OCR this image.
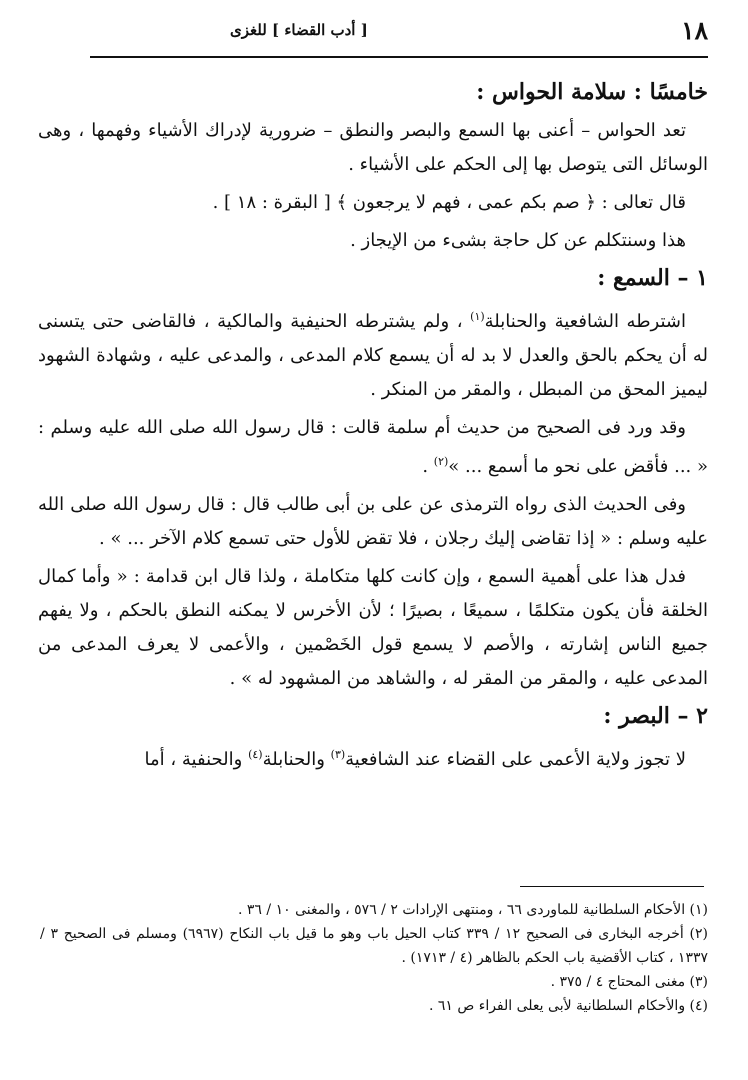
١٨
[ أدب القضاء ] للغزى
خامسًا : سلامة الحواس :

تعد الحواس – أعنى بها السمع والبصر والنطق – ضرورية لإدراك الأشياء وفهمها ، وهى الوسائل التى يتوصل بها إلى الحكم على الأشياء .

قال تعالى : ﴿ صم بكم عمى ، فهم لا يرجعون ﴾ [ البقرة : ١٨ ] .

هذا وسنتكلم عن كل حاجة بشىء من الإيجاز .

١ – السمع :

اشترطه الشافعية والحنابلة$^{(١)}$ ، ولم يشترطه الحنيفية والمالكية ، فالقاضى حتى يتسنى له أن يحكم بالحق والعدل لا بد له أن يسمع كلام المدعى ، والمدعى عليه ، وشهادة الشهود ليميز المحق من المبطل ، والمقر من المنكر .

وقد ورد فى الصحيح من حديث أم سلمة قالت : قال رسول الله صلى الله عليه وسلم : « ... فأقض على نحو ما أسمع ... »$^{(٢)}$ .

وفى الحديث الذى رواه الترمذى عن على بن أبى طالب قال : قال رسول الله صلى الله عليه وسلم : « إذا تقاضى إليك رجلان ، فلا تقض للأول حتى تسمع كلام الآخر ... » .

فدل هذا على أهمية السمع ، وإن كانت كلها متكاملة ، ولذا قال ابن قدامة : « وأما كمال الخلقة فأن يكون متكلمًا ، سميعًا ، بصيرًا ؛ لأن الأخرس لا يمكنه النطق بالحكم ، ولا يفهم جميع الناس إشارته ، والأصم لا يسمع قول الخَصْمين ، والأعمى لا يعرف المدعى من المدعى عليه ، والمقر من المقر له ، والشاهد من المشهود له » .

٢ – البصر :

لا تجوز ولاية الأعمى على القضاء عند الشافعية$^{(٣)}$ والحنابلة$^{(٤)}$ والحنفية ، أما

(١) الأحكام السلطانية للماوردى ٦٦ ، ومنتهى الإرادات ٢ / ٥٧٦ ، والمغنى ١٠ / ٣٦ .

(٢) أخرجه البخارى فى الصحيح ١٢ / ٣٣٩ كتاب الحيل باب وهو ما قيل باب النكاح (٦٩٦٧) ومسلم فى الصحيح ٣ / ١٣٣٧ ، كتاب الأقضية باب الحكم بالظاهر (٤ / ١٧١٣) .

(٣) مغنى المحتاج ٤ / ٣٧٥ .

(٤) والأحكام السلطانية لأبى يعلى الفراء ص ٦١ .
